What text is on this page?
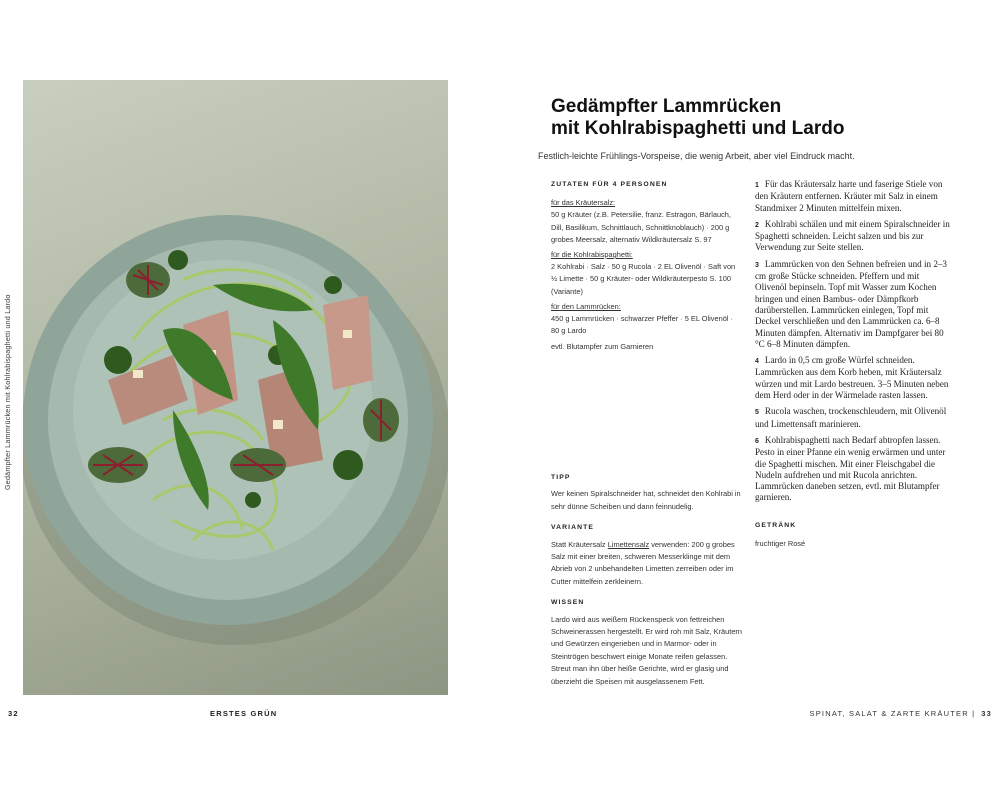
Gedämpfter Lammrücken mit Kohlrabispaghetti und Lardo
32	ERSTES GRÜN
Gedämpfter Lammrücken
mit Kohlrabispaghetti und Lardo
Festlich-leichte Frühlings-Vorspeise, die wenig Arbeit, aber viel Eindruck macht.
ZUTATEN FÜR 4 PERSONEN
für das Kräutersalz:
50 g Kräuter (z.B. Petersilie, franz. Estragon, Bärlauch,
Dill, Basilikum, Schnittlauch, Schnittknoblauch) · 200 g
grobes Meersalz, alternativ Wildkräutersalz S. 97
für die Kohlrabispaghetti:
2 Kohlrabi · Salz · 50 g Rucola · 2 EL Olivenöl · Saft von
½ Limette · 50 g Kräuter- oder Wildkräuterpesto S. 100
(Variante)
für den Lammrücken:
450 g Lammrücken · schwarzer Pfeffer · 5 EL Olivenöl ·
80 g Lardo
evtl. Blutampfer zum Garnieren
TIPP
Wer keinen Spiralschneider hat, schneidet den Kohlrabi in sehr dünne Scheiben und dann feinnudelig.
VARIANTE
Statt Kräutersalz Limettensalz verwenden: 200 g grobes Salz mit einer breiten, schweren Messerklinge mit dem Abrieb von 2 unbehandelten Limetten zerreiben oder im Cutter mittelfein zerkleinern.
WISSEN
Lardo wird aus weißem Rückenspeck von fettreichen Schweinerassen hergestellt. Er wird roh mit Salz, Kräutern und Gewürzen eingerieben und in Marmor- oder in Steintrögen beschwert einige Monate reifen gelassen. Streut man ihn über heiße Gerichte, wird er glasig und überzieht die Speisen mit ausgelassenem Fett.
1 Für das Kräutersalz harte und faserige Stiele von den Kräutern entfernen. Kräuter mit Salz in einem Standmixer 2 Minuten mittelfein mixen.
2 Kohlrabi schälen und mit einem Spiralschneider in Spaghetti schneiden. Leicht salzen und bis zur Verwendung zur Seite stellen.
3 Lammrücken von den Sehnen befreien und in 2–3 cm große Stücke schneiden. Pfeffern und mit Olivenöl bepinseln. Topf mit Wasser zum Kochen bringen und einen Bambus- oder Dämpfkorb darüberstellen. Lammrücken einlegen, Topf mit Deckel verschließen und den Lammrücken ca. 6–8 Minuten dämpfen. Alternativ im Dampfgarer bei 80 °C 6–8 Minuten dämpfen.
4 Lardo in 0,5 cm große Würfel schneiden. Lammrücken aus dem Korb heben, mit Kräutersalz würzen und mit Lardo bestreuen. 3–5 Minuten neben dem Herd oder in der Wärmelade rasten lassen.
5 Rucola waschen, trockenschleudern, mit Olivenöl und Limettensaft marinieren.
6 Kohlrabispaghetti nach Bedarf abtropfen lassen. Pesto in einer Pfanne ein wenig erwärmen und unter die Spaghetti mischen. Mit einer Fleischgabel die Nudeln aufdrehen und mit Rucola anrichten. Lammrücken daneben setzen, evtl. mit Blutampfer garnieren.
GETRÄNK
fruchtiger Rosé
SPINAT, SALAT & ZARTE KRÄUTER | 33
